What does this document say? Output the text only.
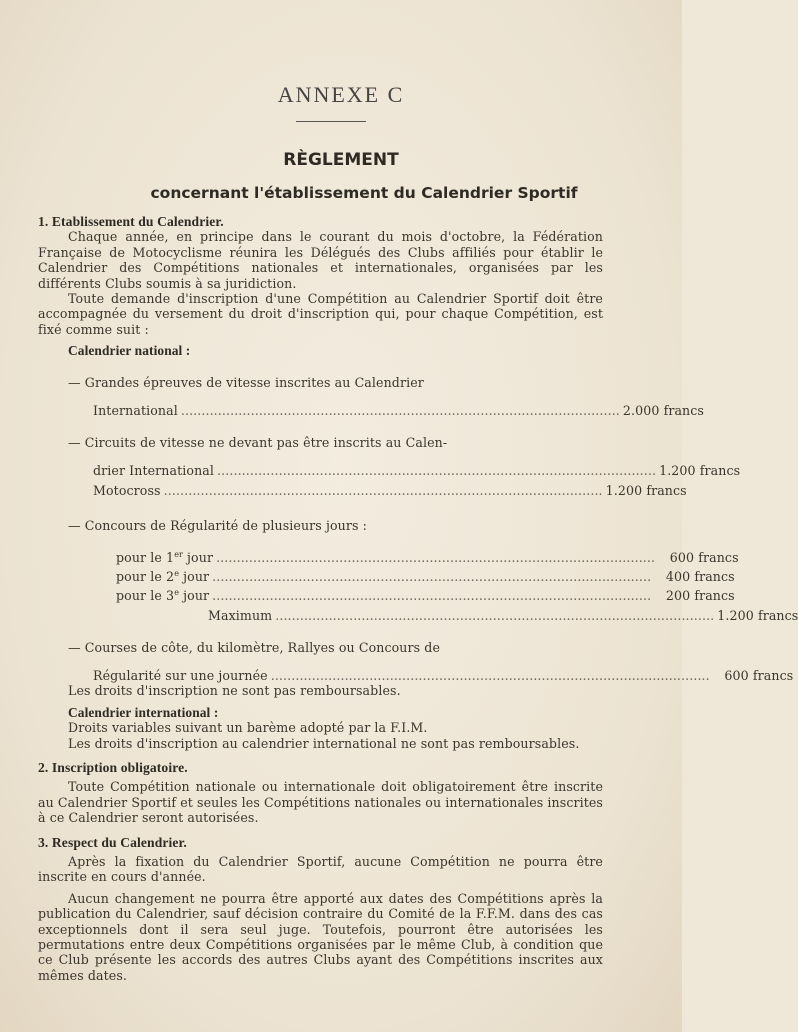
ANNEXE C
RÈGLEMENT
concernant l'établissement du Calendrier Sportif

1. Etablissement du Calendrier.

Chaque année, en principe dans le courant du mois d'octobre, la Fédération Française de Motocyclisme réunira les Délégués des Clubs affiliés pour établir le Calendrier des Compétitions nationales et internationales, organisées par les différents Clubs soumis à sa juridiction.

Toute demande d'inscription d'une Compétition au Calendrier Sportif doit être accompagnée du versement du droit d'inscription qui, pour chaque Compétition, est fixé comme suit :

Calendrier national :

— Grandes épreuves de vitesse inscrites au Calendrier

International ........................................................................................................... 2.000 francs

— Circuits de vitesse ne devant pas être inscrits au Calen-

drier International ........................................................................................................... 1.200 francs
Motocross ........................................................................................................... 1.200 francs

— Concours de Régularité de plusieurs jours :

pour le 1er jour ...........................................................................................................	600 francs
pour le 2e jour ...........................................................................................................	400 francs
pour le 3e jour ...........................................................................................................	200 francs
Maximum ........................................................................................................... 1.200 francs

— Courses de côte, du kilomètre, Rallyes ou Concours de

Régularité sur une journée ...........................................................................................................	600 francs

Les droits d'inscription ne sont pas remboursables.

Calendrier international :

Droits variables suivant un barème adopté par la F.I.M.

Les droits d'inscription au calendrier international ne sont pas remboursables.

2. Inscription obligatoire.

Toute Compétition nationale ou internationale doit obligatoirement être inscrite au Calendrier Sportif et seules les Compétitions nationales ou internationales inscrites à ce Calendrier seront autorisées.

3. Respect du Calendrier.

Après la fixation du Calendrier Sportif, aucune Compétition ne pourra être inscrite en cours d'année.

Aucun changement ne pourra être apporté aux dates des Compétitions après la publication du Calendrier, sauf décision contraire du Comité de la F.F.M. dans des cas exceptionnels dont il sera seul juge. Toutefois, pourront être autorisées les permutations entre deux Compétitions organisées par le même Club, à condition que ce Club présente les accords des autres Clubs ayant des Compétitions inscrites aux mêmes dates.
